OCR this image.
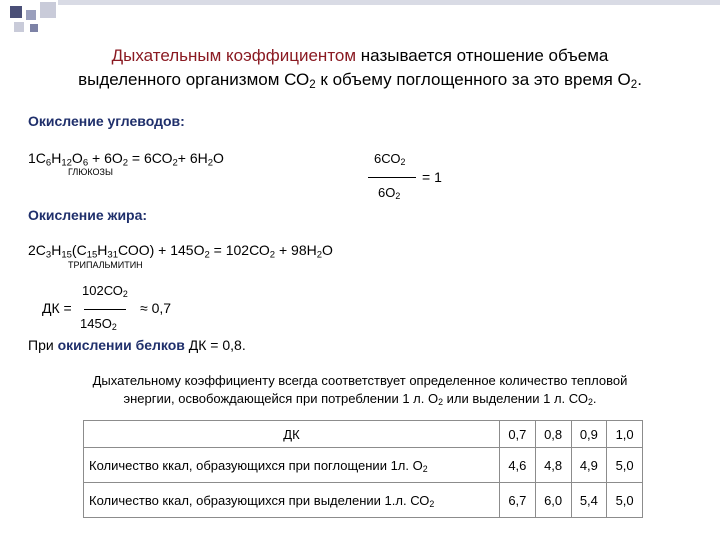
Дыхательным коэффициентом называется отношение объема
выделенного организмом $СО_2$ к объему поглощенного за это время $О_2$.
Окисление углеводов:
$1С_6Н_{12}О_6 + 6О_2 = 6СО_2+ 6Н_2О$
ГЛЮКОЗЫ
$6СО_2$
= 1
$6О_2$
Окисление жира:
$2С_3Н_{15}(С_{15}Н_{31}СОО) + 145О_2 = 102СО_2 + 98Н_2О$
ТРИПАЛЬМИТИН
$102СО_2$
ДК =	≈ 0,7
$145О_2$
При окислении белков ДК = 0,8.
Дыхательному коэффициенту всегда соответствует определенное количество тепловой
энергии, освобождающейся при потреблении 1 л. $О_2$ или выделении 1 л. $СО_2$.
ДК	0,7	0,8	0,9	1,0
Количество ккал, образующихся при поглощении 1л. $О_2$	4,6	4,8	4,9	5,0
Количество ккал, образующихся при выделении 1.л. $СО_2$	6,7	6,0	5,4	5,0
